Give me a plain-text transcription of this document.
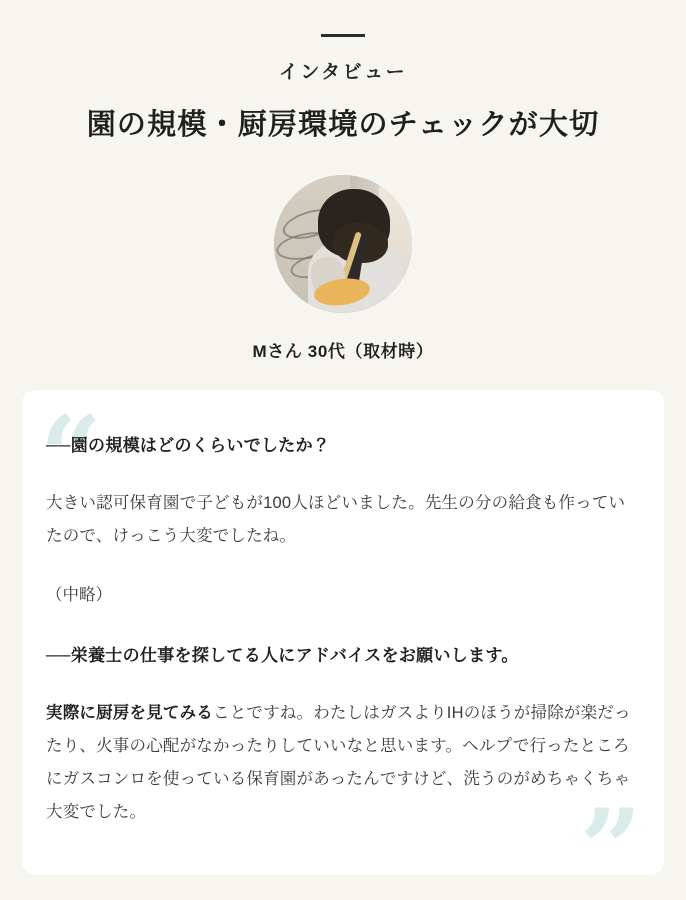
インタビュー
園の規模・厨房環境のチェックが大切
Mさん 30代（取材時）
“
”

──園の規模はどのくらいでしたか？

大きい認可保育園で子どもが100人ほどいました。先生の分の給食も作っていたので、けっこう大変でしたね。

（中略）

──栄養士の仕事を探してる人にアドバイスをお願いします。

実際に厨房を見てみることですね。わたしはガスよりIHのほうが掃除が楽だったり、火事の心配がなかったりしていいなと思います。ヘルプで行ったところにガスコンロを使っている保育園があったんですけど、洗うのがめちゃくちゃ大変でした。
